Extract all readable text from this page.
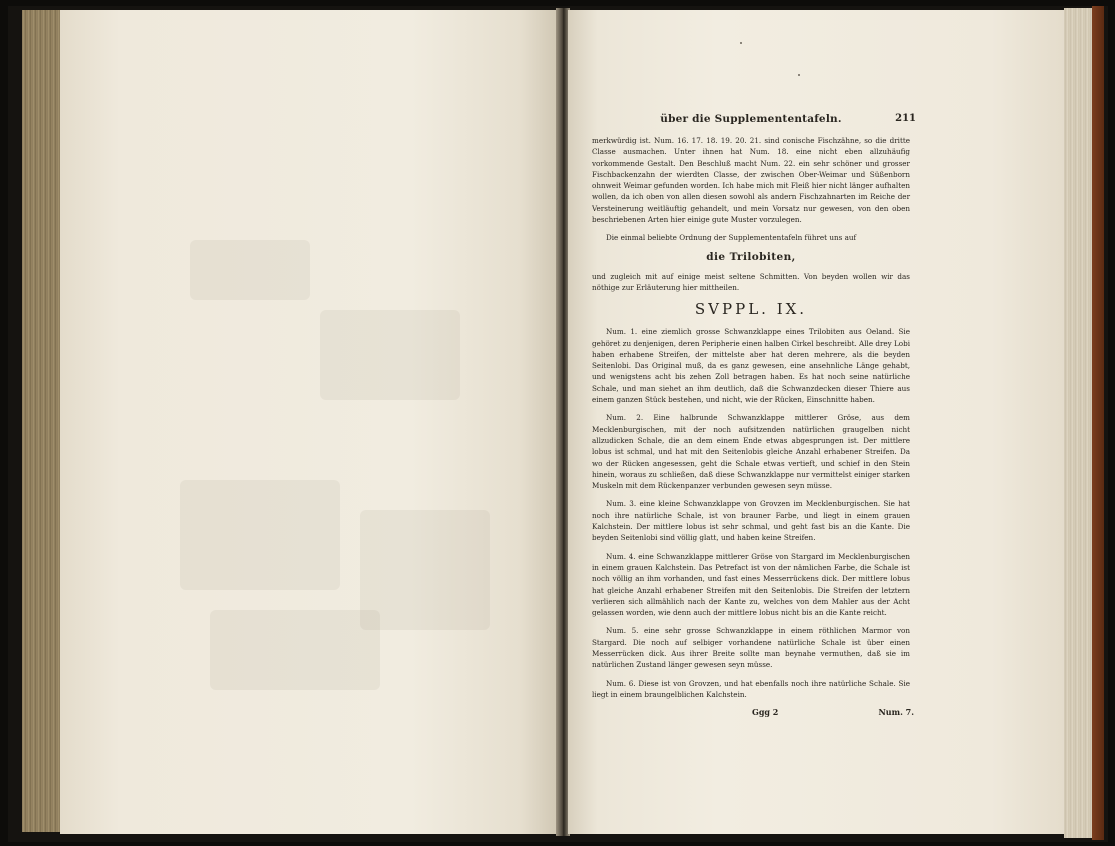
über die Supplemententafeln.	211

merkwürdig ist. Num. 16. 17. 18. 19. 20. 21. sind conische Fischzähne, so die dritte Classe ausmachen. Unter ihnen hat Num. 18. eine nicht eben allzuhäufig vorkommende Gestalt. Den Beschluß macht Num. 22. ein sehr schöner und grosser Fischbackenzahn der wierdten Classe, der zwischen Ober-Weimar und Süßenborn ohnweit Weimar gefunden worden. Ich habe mich mit Fleiß hier nicht länger aufhalten wollen, da ich oben von allen diesen sowohl als andern Fischzahnarten im Reiche der Versteinerung weitläuftig gehandelt, und mein Vorsatz nur gewesen, von den oben beschriebenen Arten hier einige gute Muster vorzulegen.

Die einmal beliebte Ordnung der Supplemententafeln führet uns auf

die Trilobiten,

und zugleich mit auf einige meist seltene Schmitten. Von beyden wollen wir das nöthige zur Erläuterung hier mittheilen.

SVPPL. IX.

Num. 1. eine ziemlich grosse Schwanzklappe eines Trilobiten aus Oeland. Sie gehöret zu denjenigen, deren Peripherie einen halben Cirkel beschreibt. Alle drey Lobi haben erhabene Streifen, der mittelste aber hat deren mehrere, als die beyden Seitenlobi. Das Original muß, da es ganz gewesen, eine ansehnliche Länge gehabt, und wenigstens acht bis zehen Zoll betragen haben. Es hat noch seine natürliche Schale, und man siehet an ihm deutlich, daß die Schwanzdecken dieser Thiere aus einem ganzen Stück bestehen, und nicht, wie der Rücken, Einschnitte haben.

Num. 2. Eine halbrunde Schwanzklappe mittlerer Gröse, aus dem Mecklenburgischen, mit der noch aufsitzenden natürlichen graugelben nicht allzudicken Schale, die an dem einem Ende etwas abgesprungen ist. Der mittlere lobus ist schmal, und hat mit den Seitenlobis gleiche Anzahl erhabener Streifen. Da wo der Rücken angesessen, geht die Schale etwas vertieft, und schief in den Stein hinein, woraus zu schließen, daß diese Schwanzklappe nur vermittelst einiger starken Muskeln mit dem Rückenpanzer verbunden gewesen seyn müsse.

Num. 3. eine kleine Schwanzklappe von Grovzen im Mecklenburgischen. Sie hat noch ihre natürliche Schale, ist von brauner Farbe, und liegt in einem grauen Kalchstein. Der mittlere lobus ist sehr schmal, und geht fast bis an die Kante. Die beyden Seitenlobi sind völlig glatt, und haben keine Streifen.

Num. 4. eine Schwanzklappe mittlerer Gröse von Stargard im Mecklenburgischen in einem grauen Kalchstein. Das Petrefact ist von der nämlichen Farbe, die Schale ist noch völlig an ihm vorhanden, und fast eines Messerrückens dick. Der mittlere lobus hat gleiche Anzahl erhabener Streifen mit den Seitenlobis. Die Streifen der letztern verlieren sich allmählich nach der Kante zu, welches von dem Mahler aus der Acht gelassen worden, wie denn auch der mittlere lobus nicht bis an die Kante reicht.

Num. 5. eine sehr grosse Schwanzklappe in einem röthlichen Marmor von Stargard. Die noch auf selbiger vorhandene natürliche Schale ist über einen Messerrücken dick. Aus ihrer Breite sollte man beynahe vermuthen, daß sie im natürlichen Zustand länger gewesen seyn müsse.

Num. 6. Diese ist von Grovzen, und hat ebenfalls noch ihre natürliche Schale. Sie liegt in einem braungelblichen Kalchstein.

Ggg 2	Num. 7.
